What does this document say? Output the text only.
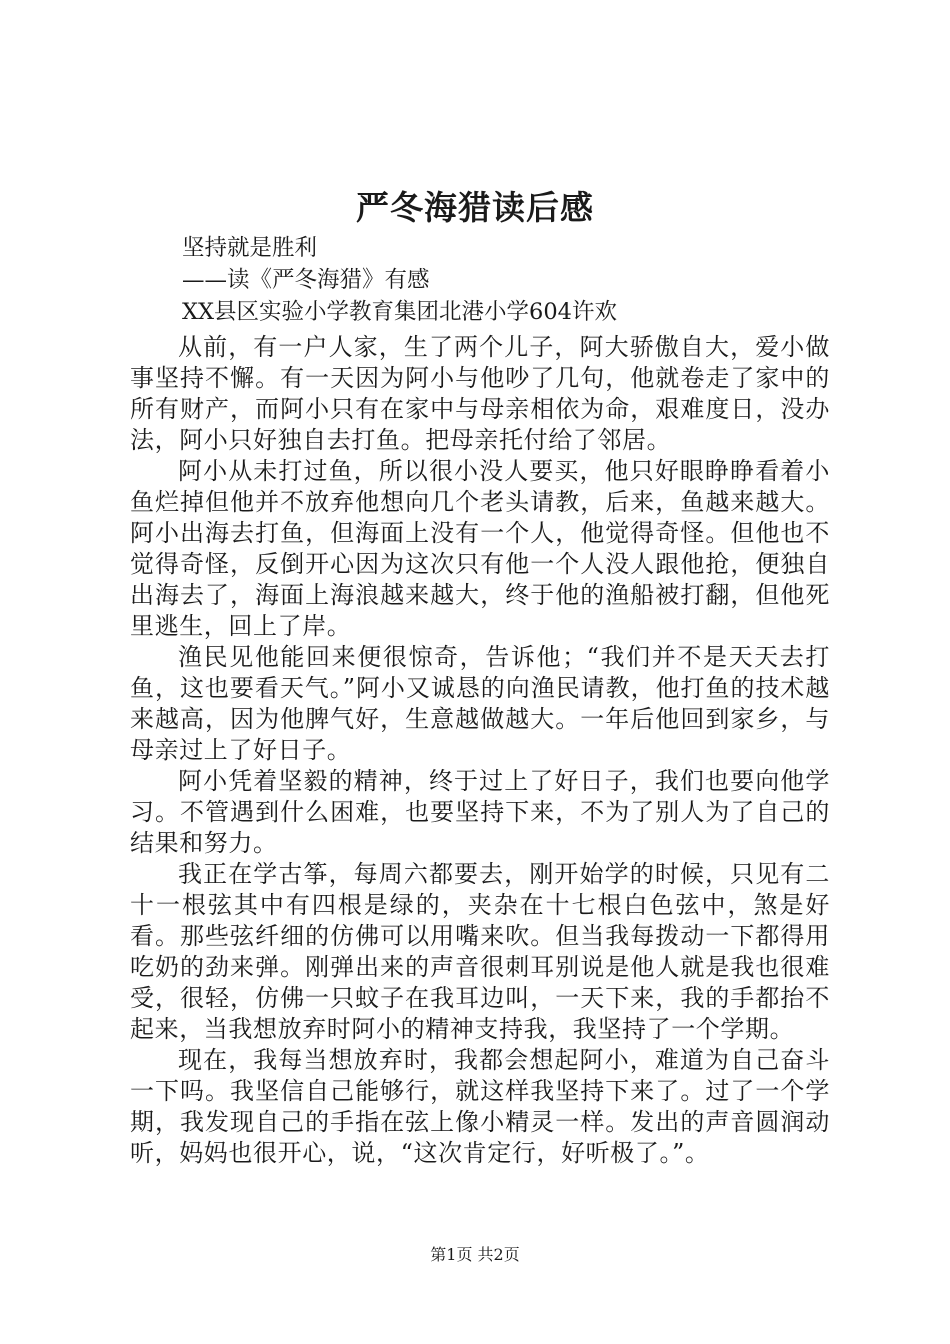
严冬海猎读后感

坚持就是胜利

——读《严冬海猎》有感

XX县区实验小学教育集团北港小学604许欢

从前，有一户人家，生了两个儿子，阿大骄傲自大，爱小做事坚持不懈。有一天因为阿小与他吵了几句，他就卷走了家中的所有财产，而阿小只有在家中与母亲相依为命，艰难度日，没办法，阿小只好独自去打鱼。把母亲托付给了邻居。

阿小从未打过鱼，所以很小没人要买，他只好眼睁睁看着小鱼烂掉但他并不放弃他想向几个老头请教，后来，鱼越来越大。阿小出海去打鱼，但海面上没有一个人，他觉得奇怪。但他也不觉得奇怪，反倒开心因为这次只有他一个人没人跟他抢，便独自出海去了，海面上海浪越来越大，终于他的渔船被打翻，但他死里逃生，回上了岸。

渔民见他能回来便很惊奇，告诉他；“我们并不是天天去打鱼，这也要看天气。”阿小又诚恳的向渔民请教，他打鱼的技术越来越高，因为他脾气好，生意越做越大。一年后他回到家乡，与母亲过上了好日子。

阿小凭着坚毅的精神，终于过上了好日子，我们也要向他学习。不管遇到什么困难，也要坚持下来，不为了别人为了自己的结果和努力。

我正在学古筝，每周六都要去，刚开始学的时候，只见有二十一根弦其中有四根是绿的，夹杂在十七根白色弦中，煞是好看。那些弦纤细的仿佛可以用嘴来吹。但当我每拨动一下都得用吃奶的劲来弹。刚弹出来的声音很刺耳别说是他人就是我也很难受，很轻，仿佛一只蚊子在我耳边叫，一天下来，我的手都抬不起来，当我想放弃时阿小的精神支持我，我坚持了一个学期。

现在，我每当想放弃时，我都会想起阿小，难道为自己奋斗一下吗。我坚信自己能够行，就这样我坚持下来了。过了一个学期，我发现自己的手指在弦上像小精灵一样。发出的声音圆润动听，妈妈也很开心，说，“这次肯定行，好听极了。”。

第1页 共2页
